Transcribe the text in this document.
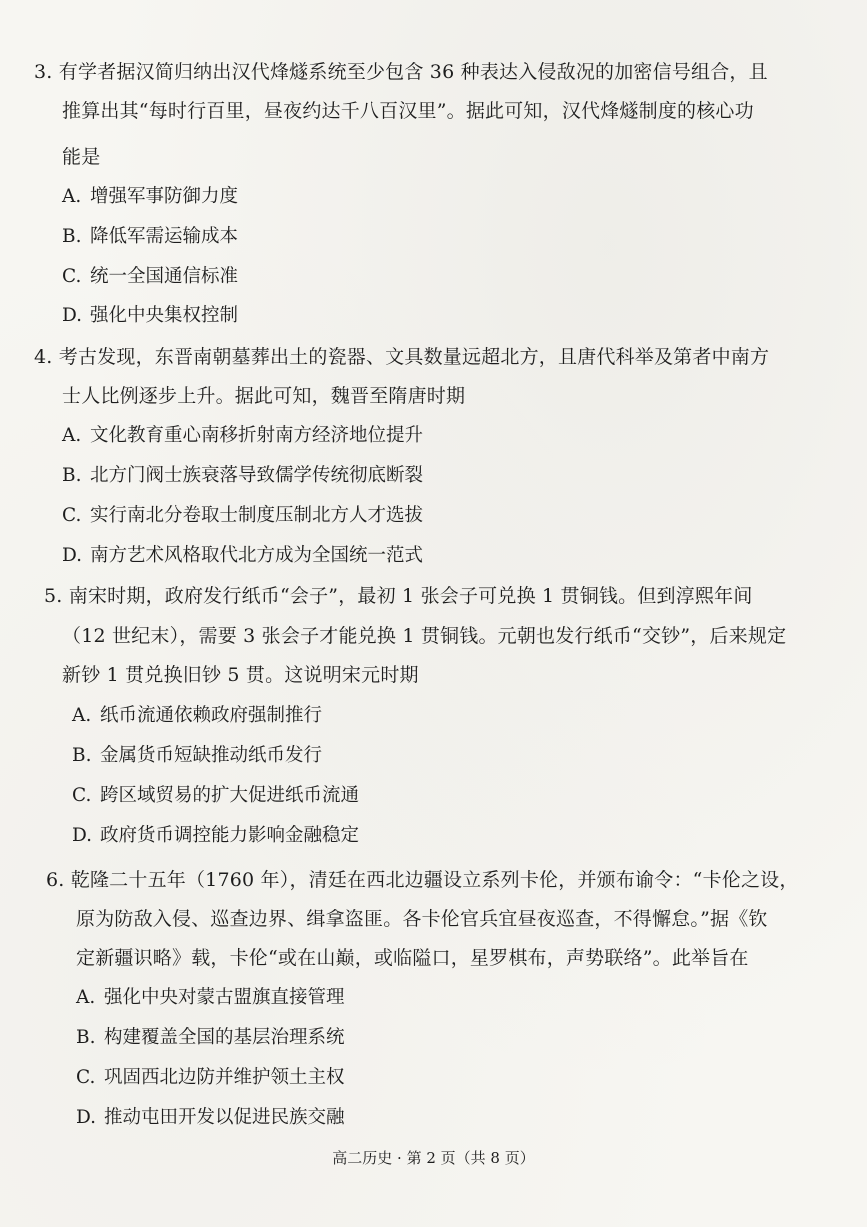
3. 有学者据汉简归纳出汉代烽燧系统至少包含 36 种表达入侵敌况的加密信号组合，且
推算出其“每时行百里，昼夜约达千八百汉里”。据此可知，汉代烽燧制度的核心功
能是
A. 增强军事防御力度
B. 降低军需运输成本
C. 统一全国通信标准
D. 强化中央集权控制
4. 考古发现，东晋南朝墓葬出土的瓷器、文具数量远超北方，且唐代科举及第者中南方
士人比例逐步上升。据此可知，魏晋至隋唐时期
A. 文化教育重心南移折射南方经济地位提升
B. 北方门阀士族衰落导致儒学传统彻底断裂
C. 实行南北分卷取士制度压制北方人才选拔
D. 南方艺术风格取代北方成为全国统一范式
5. 南宋时期，政府发行纸币“会子”，最初 1 张会子可兑换 1 贯铜钱。但到淳熙年间
（12 世纪末），需要 3 张会子才能兑换 1 贯铜钱。元朝也发行纸币“交钞”，后来规定
新钞 1 贯兑换旧钞 5 贯。这说明宋元时期
A. 纸币流通依赖政府强制推行
B. 金属货币短缺推动纸币发行
C. 跨区域贸易的扩大促进纸币流通
D. 政府货币调控能力影响金融稳定
6. 乾隆二十五年（1760 年），清廷在西北边疆设立系列卡伦，并颁布谕令：“卡伦之设，
原为防敌入侵、巡查边界、缉拿盗匪。各卡伦官兵宜昼夜巡查，不得懈怠。”据《钦
定新疆识略》载，卡伦“或在山巅，或临隘口，星罗棋布，声势联络”。此举旨在
A. 强化中央对蒙古盟旗直接管理
B. 构建覆盖全国的基层治理系统
C. 巩固西北边防并维护领土主权
D. 推动屯田开发以促进民族交融
高二历史 · 第 2 页（共 8 页）
